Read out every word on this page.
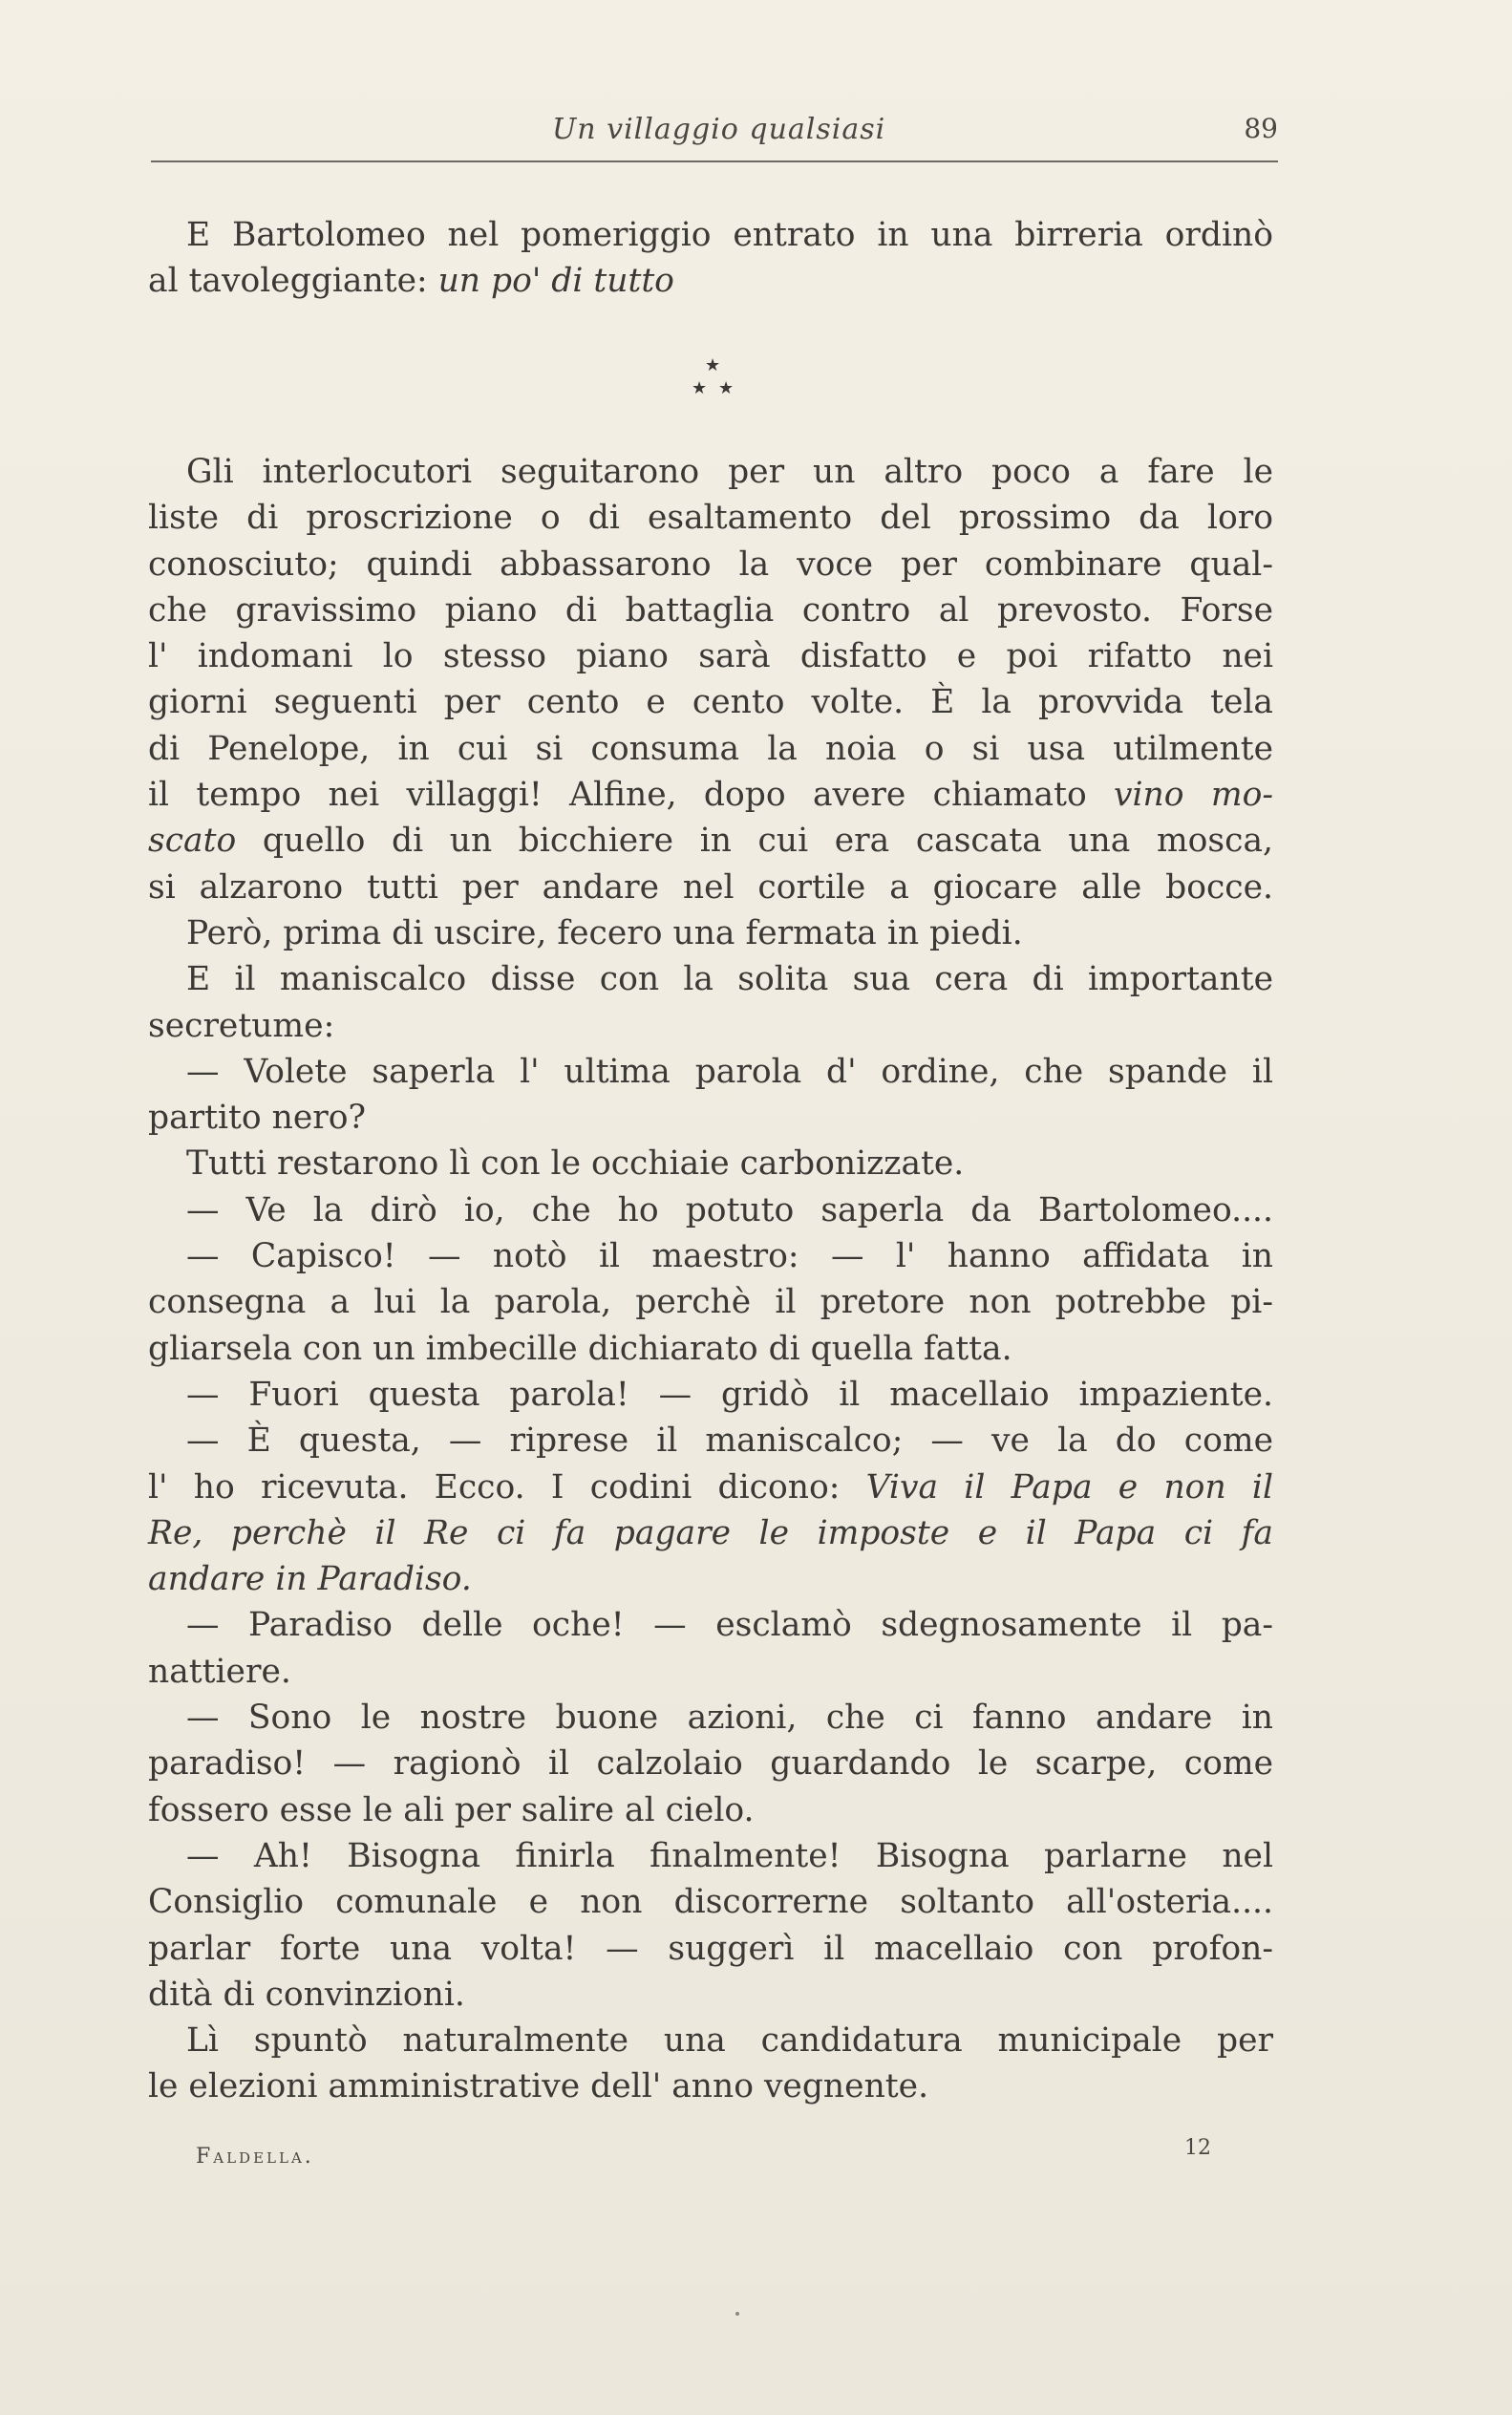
Un villaggio qualsiasi	89
E Bartolomeo nel pomeriggio entrato in una birreria ordinò
al tavoleggiante: un po' di tutto
★
★ ★
Gli interlocutori seguitarono per un altro poco a fare le
liste di proscrizione o di esaltamento del prossimo da loro
conosciuto; quindi abbassarono la voce per combinare qual-
che gravissimo piano di battaglia contro al prevosto. Forse
l' indomani lo stesso piano sarà disfatto e poi rifatto nei
giorni seguenti per cento e cento volte. È la provvida tela
di Penelope, in cui si consuma la noia o si usa utilmente
il tempo nei villaggi! Alfine, dopo avere chiamato vino mo-
scato quello di un bicchiere in cui era cascata una mosca,
si alzarono tutti per andare nel cortile a giocare alle bocce.
Però, prima di uscire, fecero una fermata in piedi.
E il maniscalco disse con la solita sua cera di importante
secretume:
— Volete saperla l' ultima parola d' ordine, che spande il
partito nero?
Tutti restarono lì con le occhiaie carbonizzate.
— Ve la dirò io, che ho potuto saperla da Bartolomeo....
— Capisco! — notò il maestro: — l' hanno affidata in
consegna a lui la parola, perchè il pretore non potrebbe pi-
gliarsela con un imbecille dichiarato di quella fatta.
— Fuori questa parola! — gridò il macellaio impaziente.
— È questa, — riprese il maniscalco; — ve la do come
l' ho ricevuta. Ecco. I codini dicono: Viva il Papa e non il
Re, perchè il Re ci fa pagare le imposte e il Papa ci fa
andare in Paradiso.
— Paradiso delle oche! — esclamò sdegnosamente il pa-
nattiere.
— Sono le nostre buone azioni, che ci fanno andare in
paradiso! — ragionò il calzolaio guardando le scarpe, come
fossero esse le ali per salire al cielo.
— Ah! Bisogna finirla finalmente! Bisogna parlarne nel
Consiglio comunale e non discorrerne soltanto all'osteria....
parlar forte una volta! — suggerì il macellaio con profon-
dità di convinzioni.
Lì spuntò naturalmente una candidatura municipale per
le elezioni amministrative dell' anno vegnente.
Faldella.	12
